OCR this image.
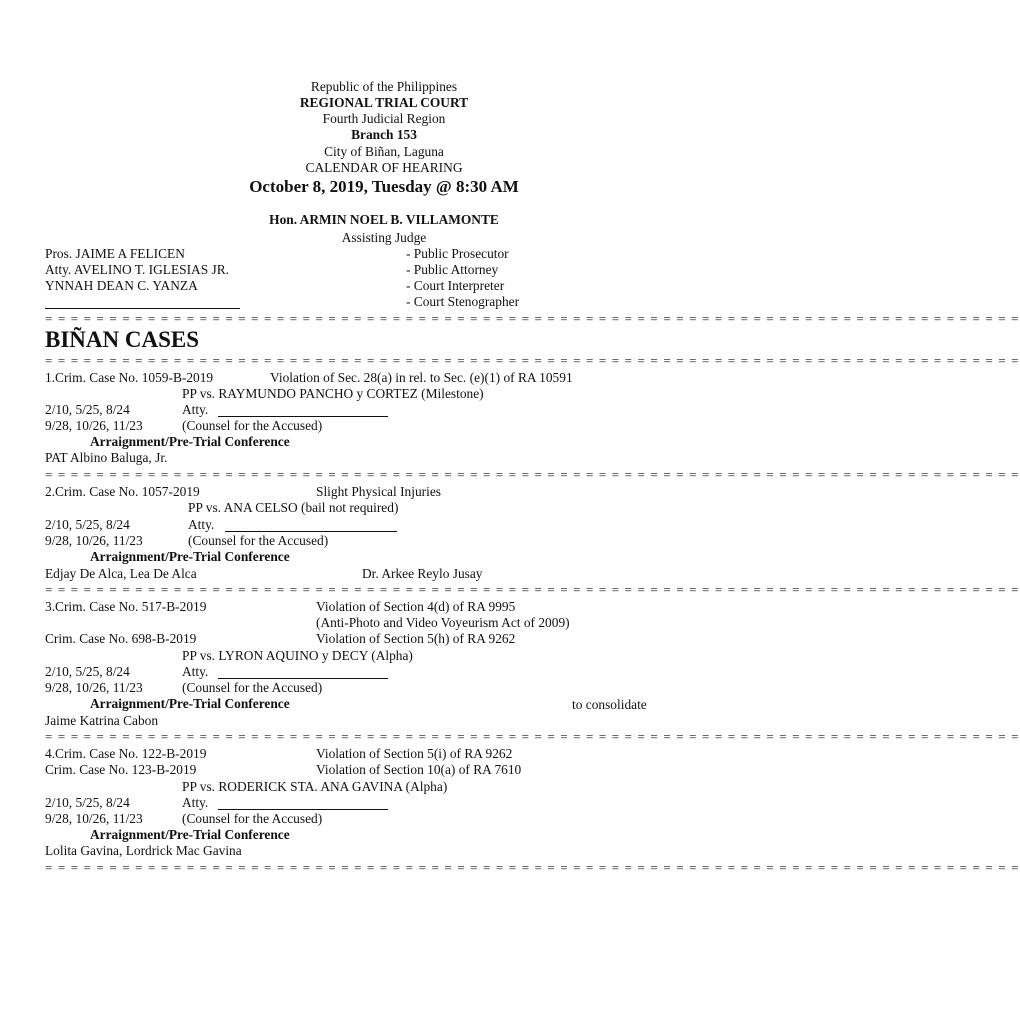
Republic of the Philippines
REGIONAL TRIAL COURT
Fourth Judicial Region
Branch 153
City of Biñan, Laguna
CALENDAR OF HEARING
October 8, 2019, Tuesday @ 8:30 AM
Hon. ARMIN NOEL B. VILLAMONTE
Assisting Judge
Pros. JAIME A FELICEN	- Public Prosecutor
Atty. AVELINO T. IGLESIAS JR.	- Public Attorney
YNNAH DEAN C. YANZA	- Court Interpreter
- Court Stenographer
= = = = = = = = = = = = = = = = = = = = = = = = = = = = = = = = = = = = = = = = = = = = = = = = = = = = = = = = = = = = = = = = = = = = = = = = = = = =
BIÑAN CASES
= = = = = = = = = = = = = = = = = = = = = = = = = = = = = = = = = = = = = = = = = = = = = = = = = = = = = = = = = = = = = = = = = = = = = = = = = = = =
1.Crim. Case No. 1059-B-2019	Violation of Sec. 28(a) in rel. to Sec. (e)(1) of RA 10591
PP vs. RAYMUNDO PANCHO y CORTEZ (Milestone)
2/10, 5/25, 8/24	Atty.
9/28, 10/26, 11/23	(Counsel for the Accused)
Arraignment/Pre-Trial Conference
PAT Albino Baluga, Jr.
= = = = = = = = = = = = = = = = = = = = = = = = = = = = = = = = = = = = = = = = = = = = = = = = = = = = = = = = = = = = = = = = = = = = = = = = = = = =
2.Crim. Case No. 1057-2019	Slight Physical Injuries
PP vs. ANA CELSO (bail not required)
2/10, 5/25, 8/24	Atty.
9/28, 10/26, 11/23	(Counsel for the Accused)
Arraignment/Pre-Trial Conference
Edjay De Alca, Lea De Alca	Dr. Arkee Reylo Jusay
= = = = = = = = = = = = = = = = = = = = = = = = = = = = = = = = = = = = = = = = = = = = = = = = = = = = = = = = = = = = = = = = = = = = = = = = = = = =
3.Crim. Case No. 517-B-2019	Violation of Section 4(d) of RA 9995
(Anti-Photo and Video Voyeurism Act of 2009)
Crim. Case No. 698-B-2019	Violation of Section 5(h) of RA 9262
PP vs. LYRON AQUINO y DECY (Alpha)
2/10, 5/25, 8/24	Atty.
9/28, 10/26, 11/23	(Counsel for the Accused)
Arraignment/Pre-Trial Conference	to consolidate
Jaime Katrina Cabon
= = = = = = = = = = = = = = = = = = = = = = = = = = = = = = = = = = = = = = = = = = = = = = = = = = = = = = = = = = = = = = = = = = = = = = = = = = = =
4.Crim. Case No. 122-B-2019	Violation of Section 5(i) of RA 9262
Crim. Case No. 123-B-2019	Violation of Section 10(a) of RA 7610
PP vs. RODERICK STA. ANA GAVINA (Alpha)
2/10, 5/25, 8/24	Atty.
9/28, 10/26, 11/23	(Counsel for the Accused)
Arraignment/Pre-Trial Conference
Lolita Gavina, Lordrick Mac Gavina
= = = = = = = = = = = = = = = = = = = = = = = = = = = = = = = = = = = = = = = = = = = = = = = = = = = = = = = = = = = = = = = = = = = = = = = = = = = =
